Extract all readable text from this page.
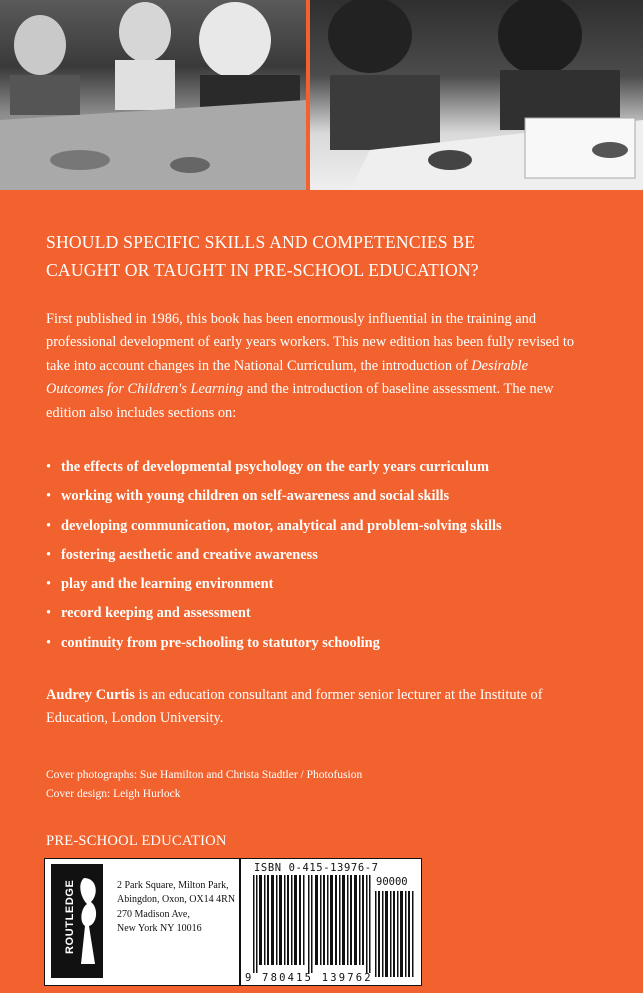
SHOULD SPECIFIC SKILLS AND COMPETENCIES BE
CAUGHT OR TAUGHT IN PRE-SCHOOL EDUCATION?
First published in 1986, this book has been enormously influential in the training and professional development of early years workers. This new edition has been fully revised to take into account changes in the National Curriculum, the introduction of Desirable Outcomes for Children's Learning and the introduction of baseline assessment. The new edition also includes sections on:
• the effects of developmental psychology on the early years curriculum
• working with young children on self-awareness and social skills
• developing communication, motor, analytical and problem-solving skills
• fostering aesthetic and creative awareness
• play and the learning environment
• record keeping and assessment
• continuity from pre-schooling to statutory schooling
Audrey Curtis is an education consultant and former senior lecturer at the Institute of Education, London University.
Cover photographs: Sue Hamilton and Christa Stadtler / Photofusion
Cover design: Leigh Hurlock
PRE-SCHOOL EDUCATION
ROUTLEDGE	2 Park Square, Milton Park,
Abingdon, Oxon, OX14 4RN
270 Madison Ave,
New York NY 10016
ISBN 0-415-13976-7
90000
9 780415 139762
